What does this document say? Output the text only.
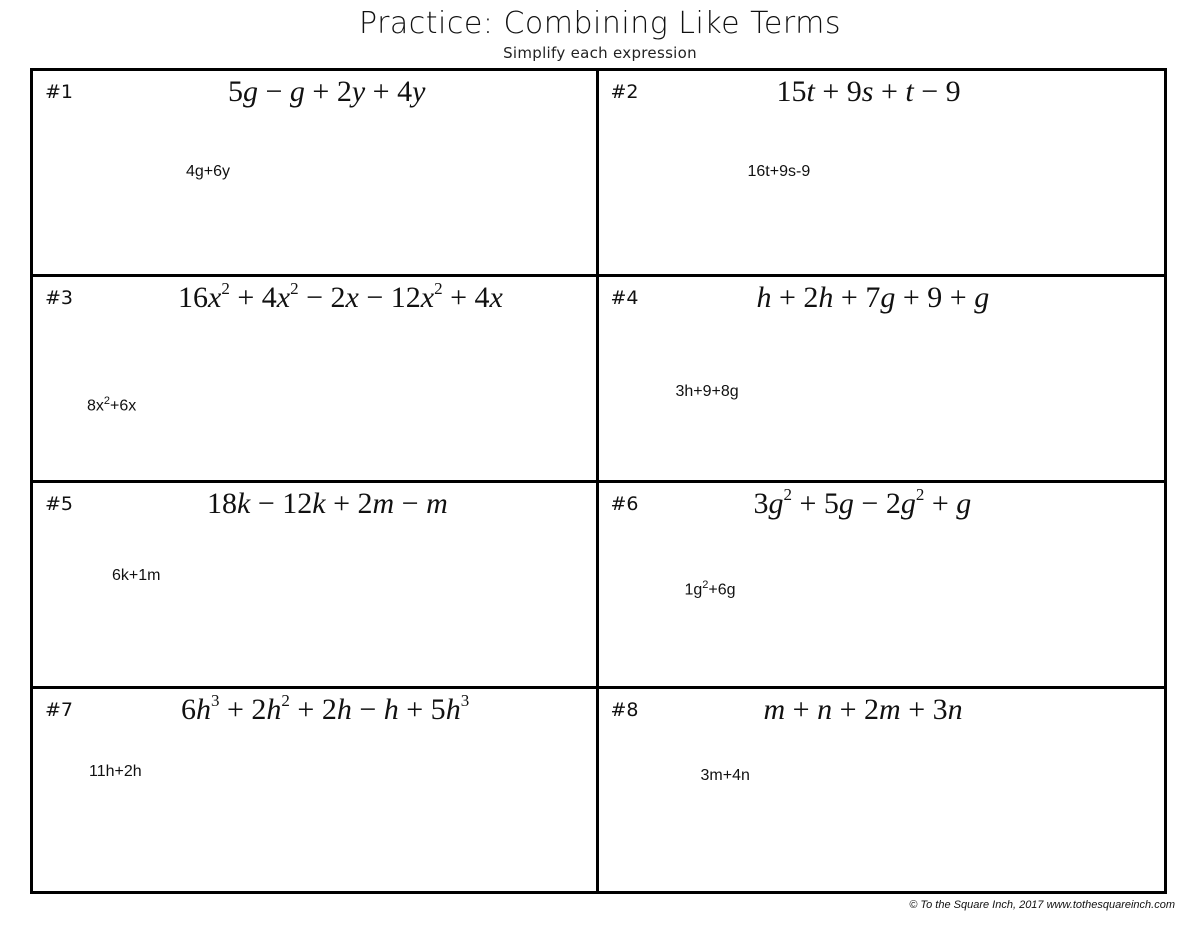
Practice: Combining Like Terms
Simplify each expression
#1	5g − g + 2y + 4y
4g+6y
#2	15t + 9s + t − 9
16t+9s-9
#3	$16x^2 + 4x^2 - 2x - 12x^2 + 4x$
$8x^2+6x$
#4	h + 2h + 7g + 9 + g
3h+9+8g
#5	18k − 12k + 2m − m
6k+1m
#6	$3g^2 + 5g - 2g^2 + g$
$1g^2+6g$
#7	$6h^3 + 2h^2 + 2h - h + 5h^3$
11h+2h
#8	m + n + 2m + 3n
3m+4n
© To the Square Inch, 2017 www.tothesquareinch.com
